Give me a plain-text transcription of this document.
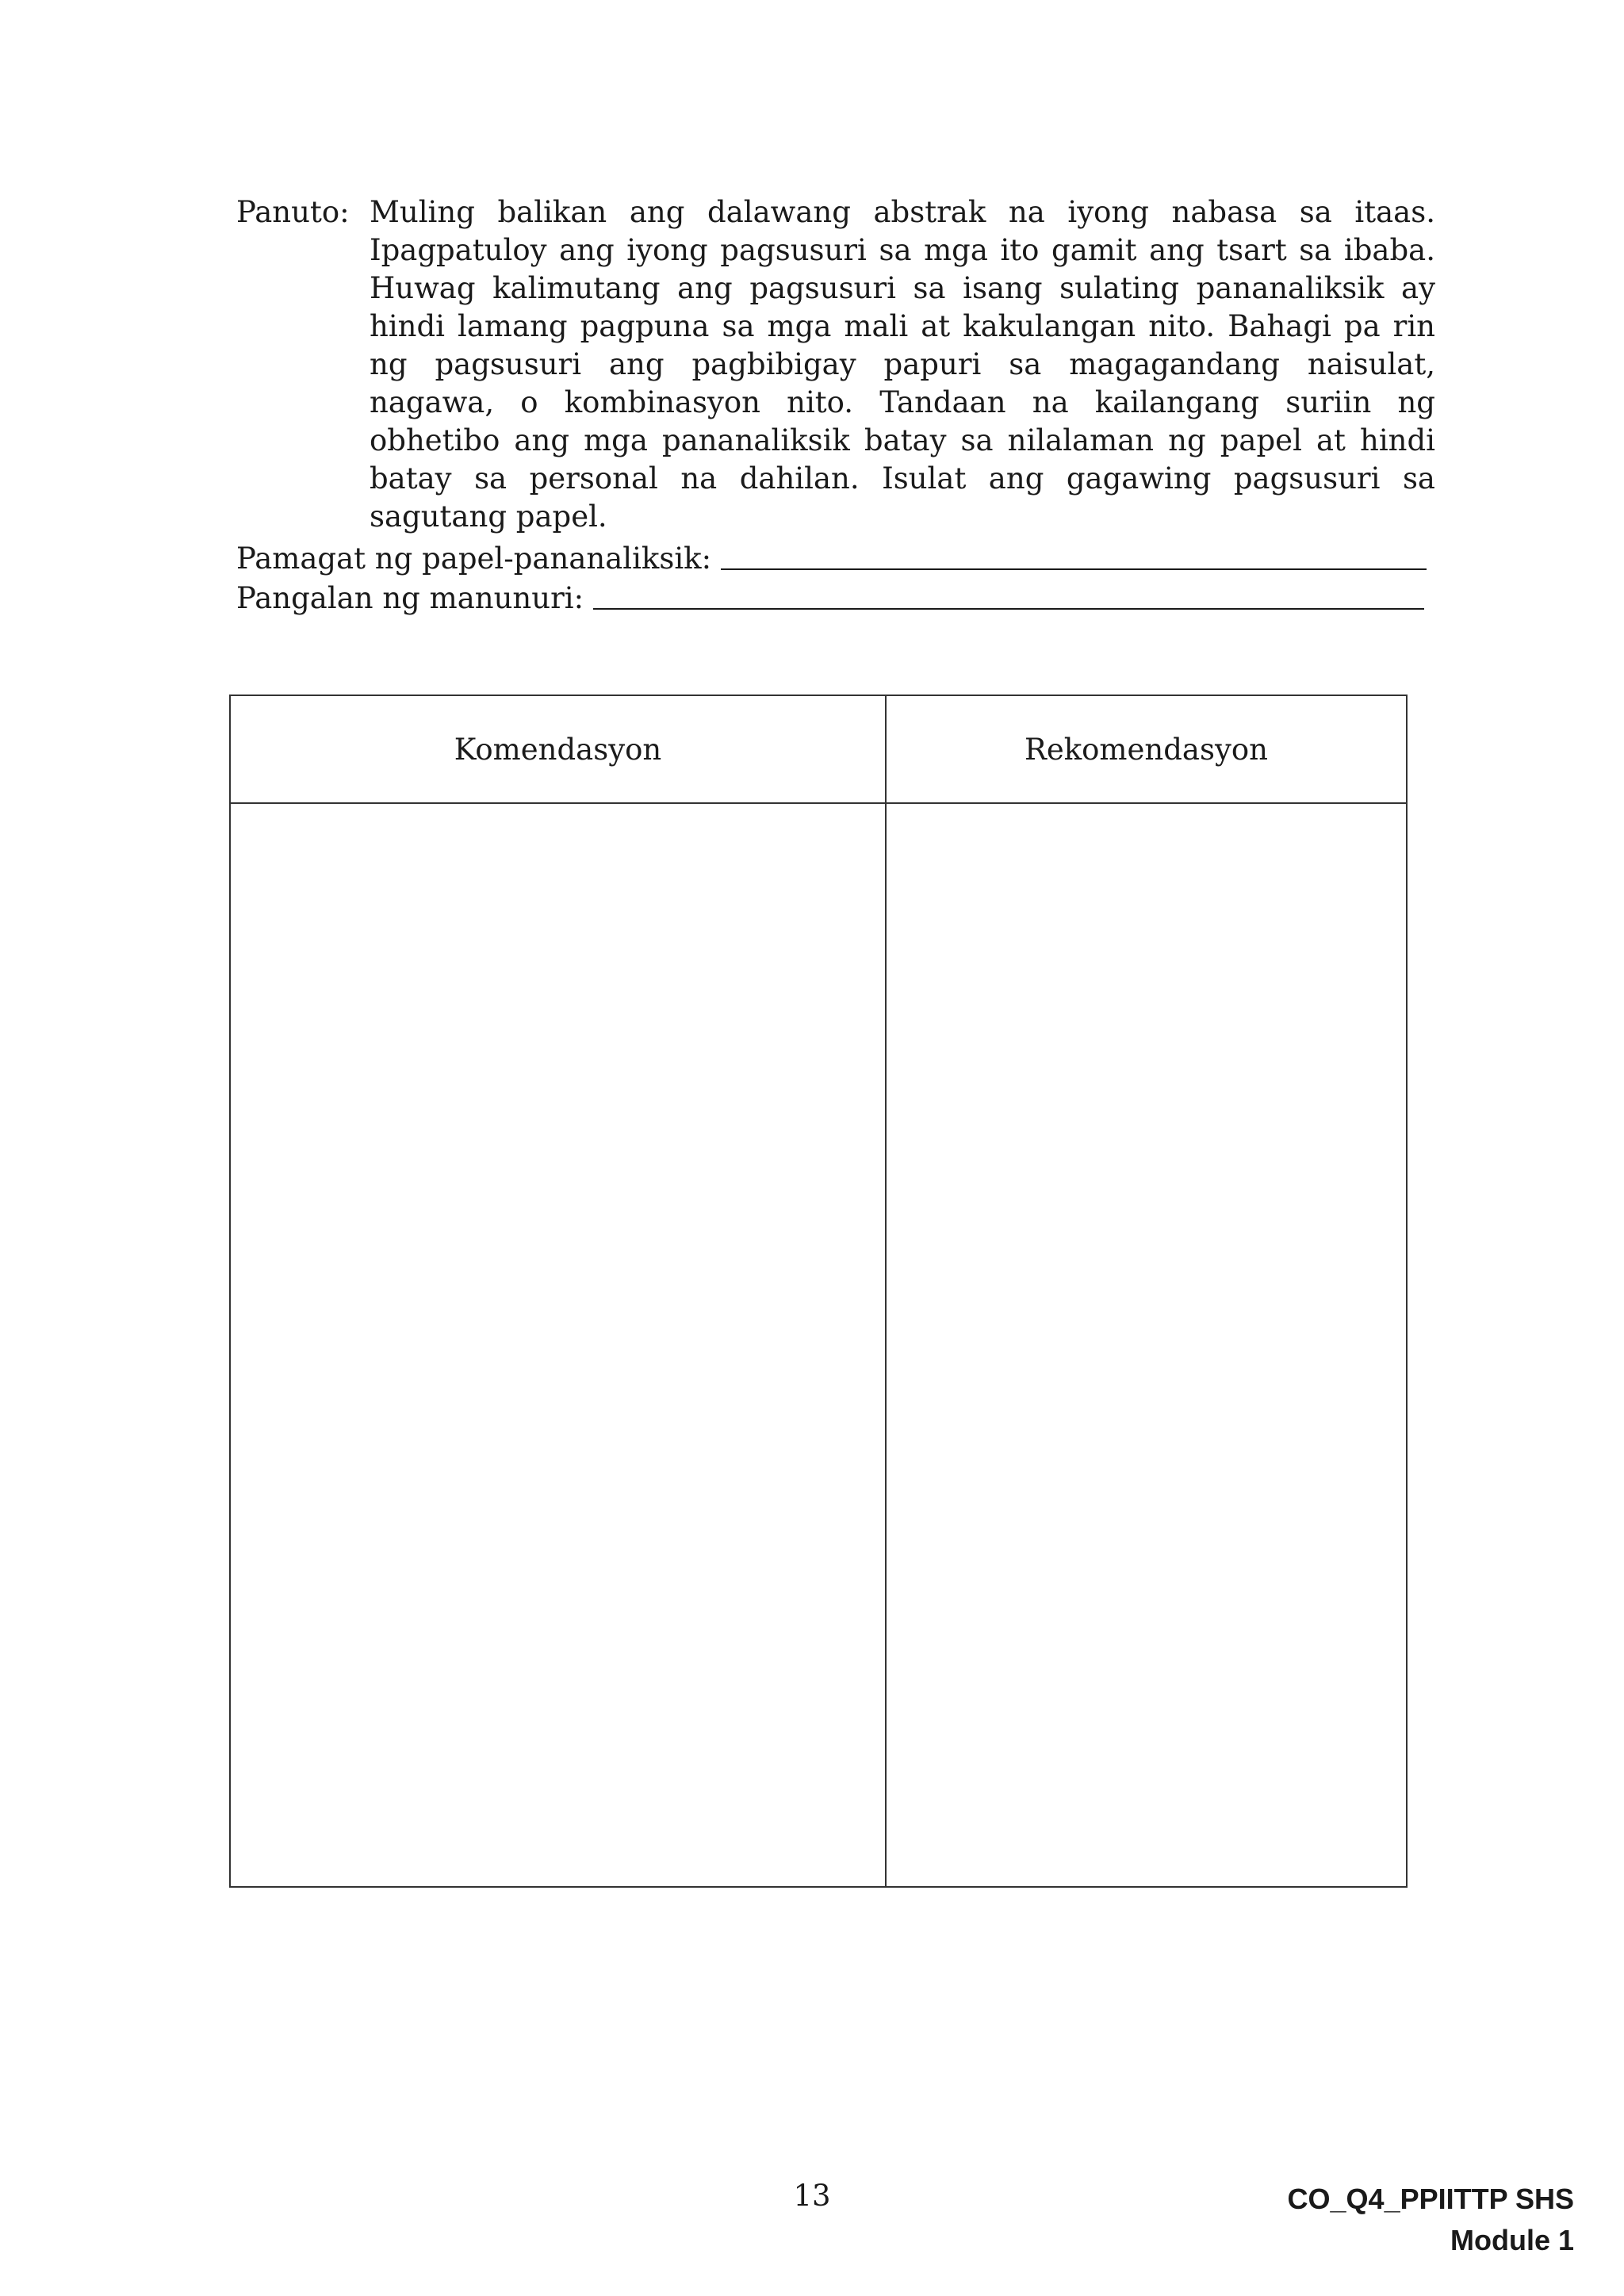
Panuto: Muling balikan ang dalawang abstrak na iyong nabasa sa itaas. Ipagpatuloy ang iyong pagsusuri sa mga ito gamit ang tsart sa ibaba. Huwag kalimutang ang pagsusuri sa isang sulating pananaliksik ay hindi lamang pagpuna sa mga mali at kakulangan nito. Bahagi pa rin ng pagsusuri ang pagbibigay papuri sa magagandang naisulat, nagawa, o kombinasyon nito. Tandaan na kailangang suriin ng obhetibo ang mga pananaliksik batay sa nilalaman ng papel at hindi batay sa personal na dahilan. Isulat ang gagawing pagsusuri sa sagutang papel.
Pamagat ng papel-pananaliksik:
Pangalan ng manunuri:
Komendasyon	Rekomendasyon

13	CO_Q4_PPIITTP SHS
Module 1
